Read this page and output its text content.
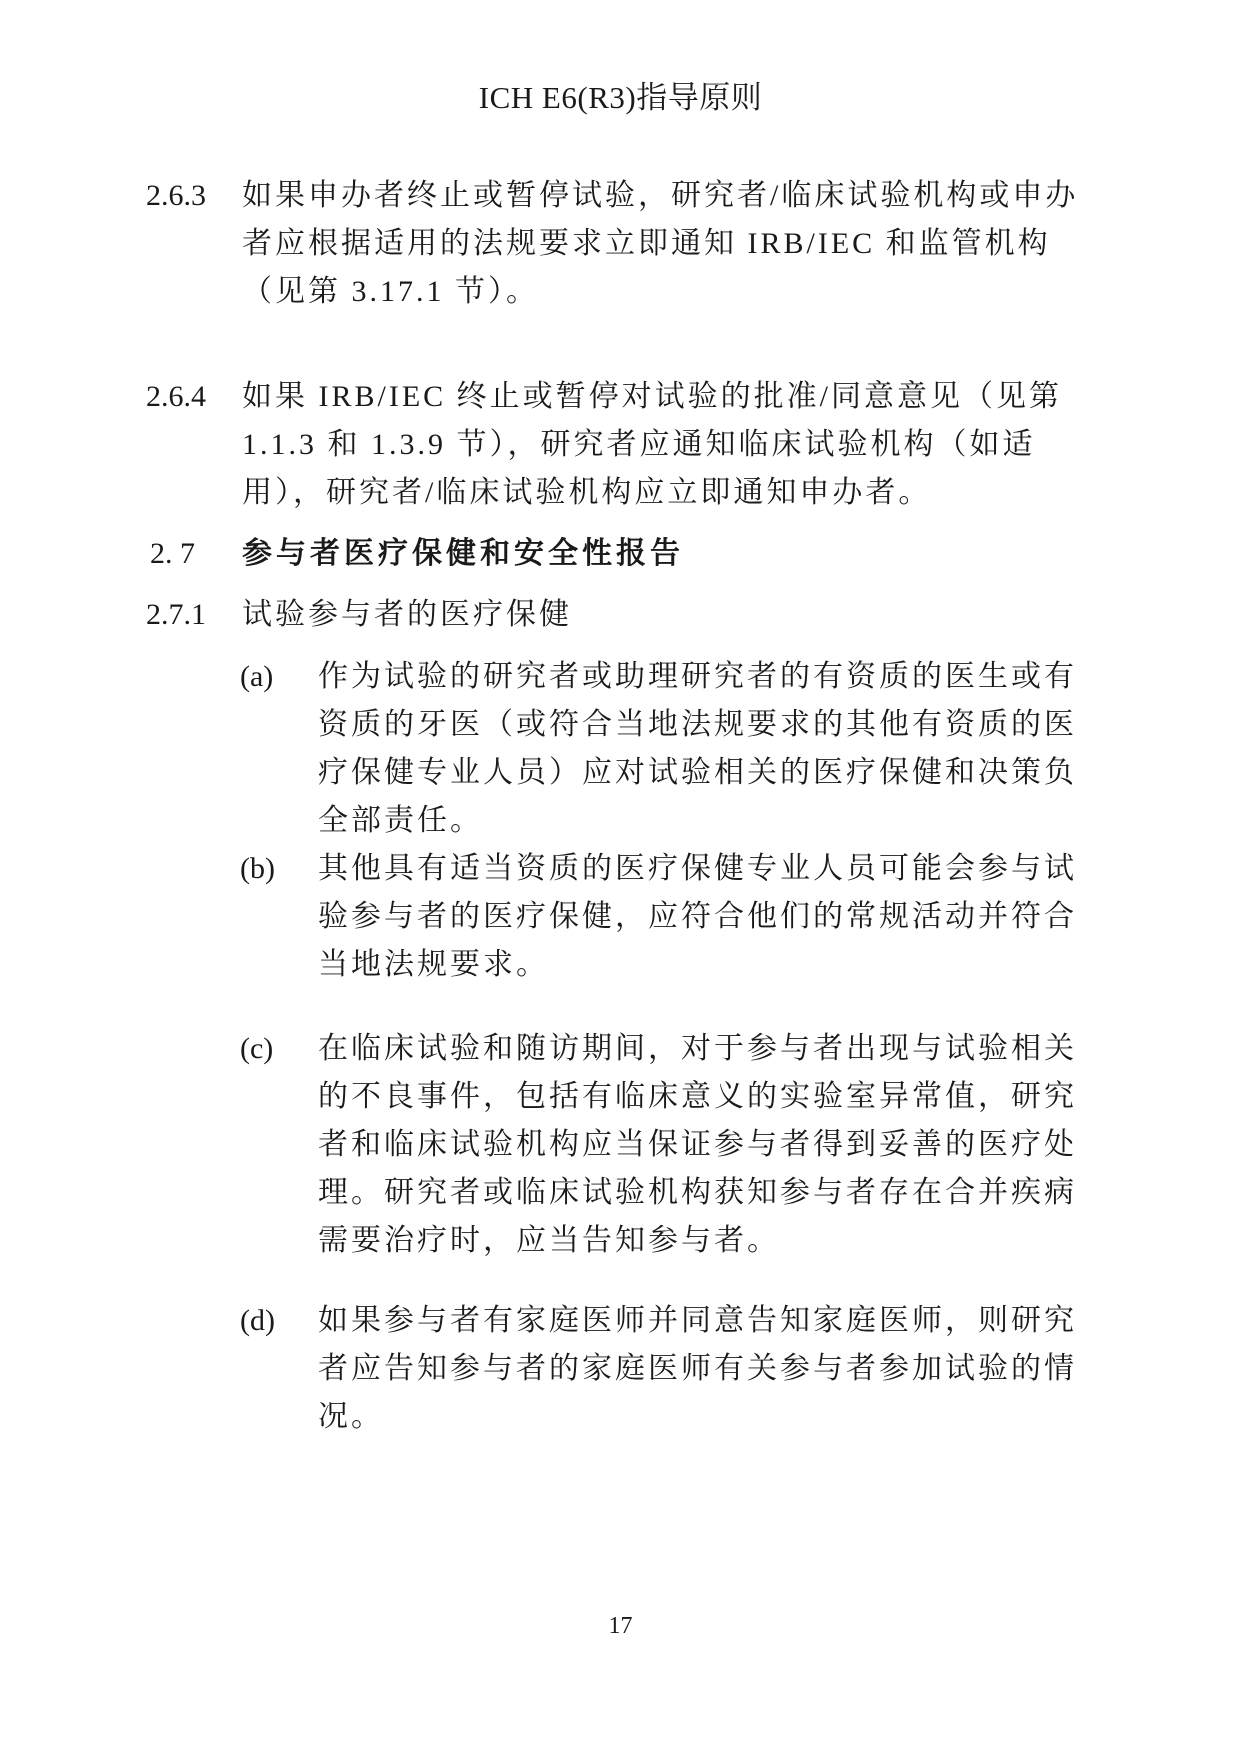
ICH E6(R3)指导原则
2.6.3 如果申办者终止或暂停试验，研究者/临床试验机构或申办
者应根据适用的法规要求立即通知 IRB/IEC 和监管机构
（见第 3.17.1 节）。
2.6.4 如果 IRB/IEC 终止或暂停对试验的批准/同意意见（见第
1.1.3 和 1.3.9 节），研究者应通知临床试验机构（如适
用），研究者/临床试验机构应立即通知申办者。
2. 7 参与者医疗保健和安全性报告
2.7.1 试验参与者的医疗保健
(a) 作为试验的研究者或助理研究者的有资质的医生或有
资质的牙医（或符合当地法规要求的其他有资质的医
疗保健专业人员）应对试验相关的医疗保健和决策负
全部责任。
(b) 其他具有适当资质的医疗保健专业人员可能会参与试
验参与者的医疗保健，应符合他们的常规活动并符合
当地法规要求。
(c) 在临床试验和随访期间，对于参与者出现与试验相关
的不良事件，包括有临床意义的实验室异常值，研究
者和临床试验机构应当保证参与者得到妥善的医疗处
理。研究者或临床试验机构获知参与者存在合并疾病
需要治疗时，应当告知参与者。
(d) 如果参与者有家庭医师并同意告知家庭医师，则研究
者应告知参与者的家庭医师有关参与者参加试验的情
况。
17
